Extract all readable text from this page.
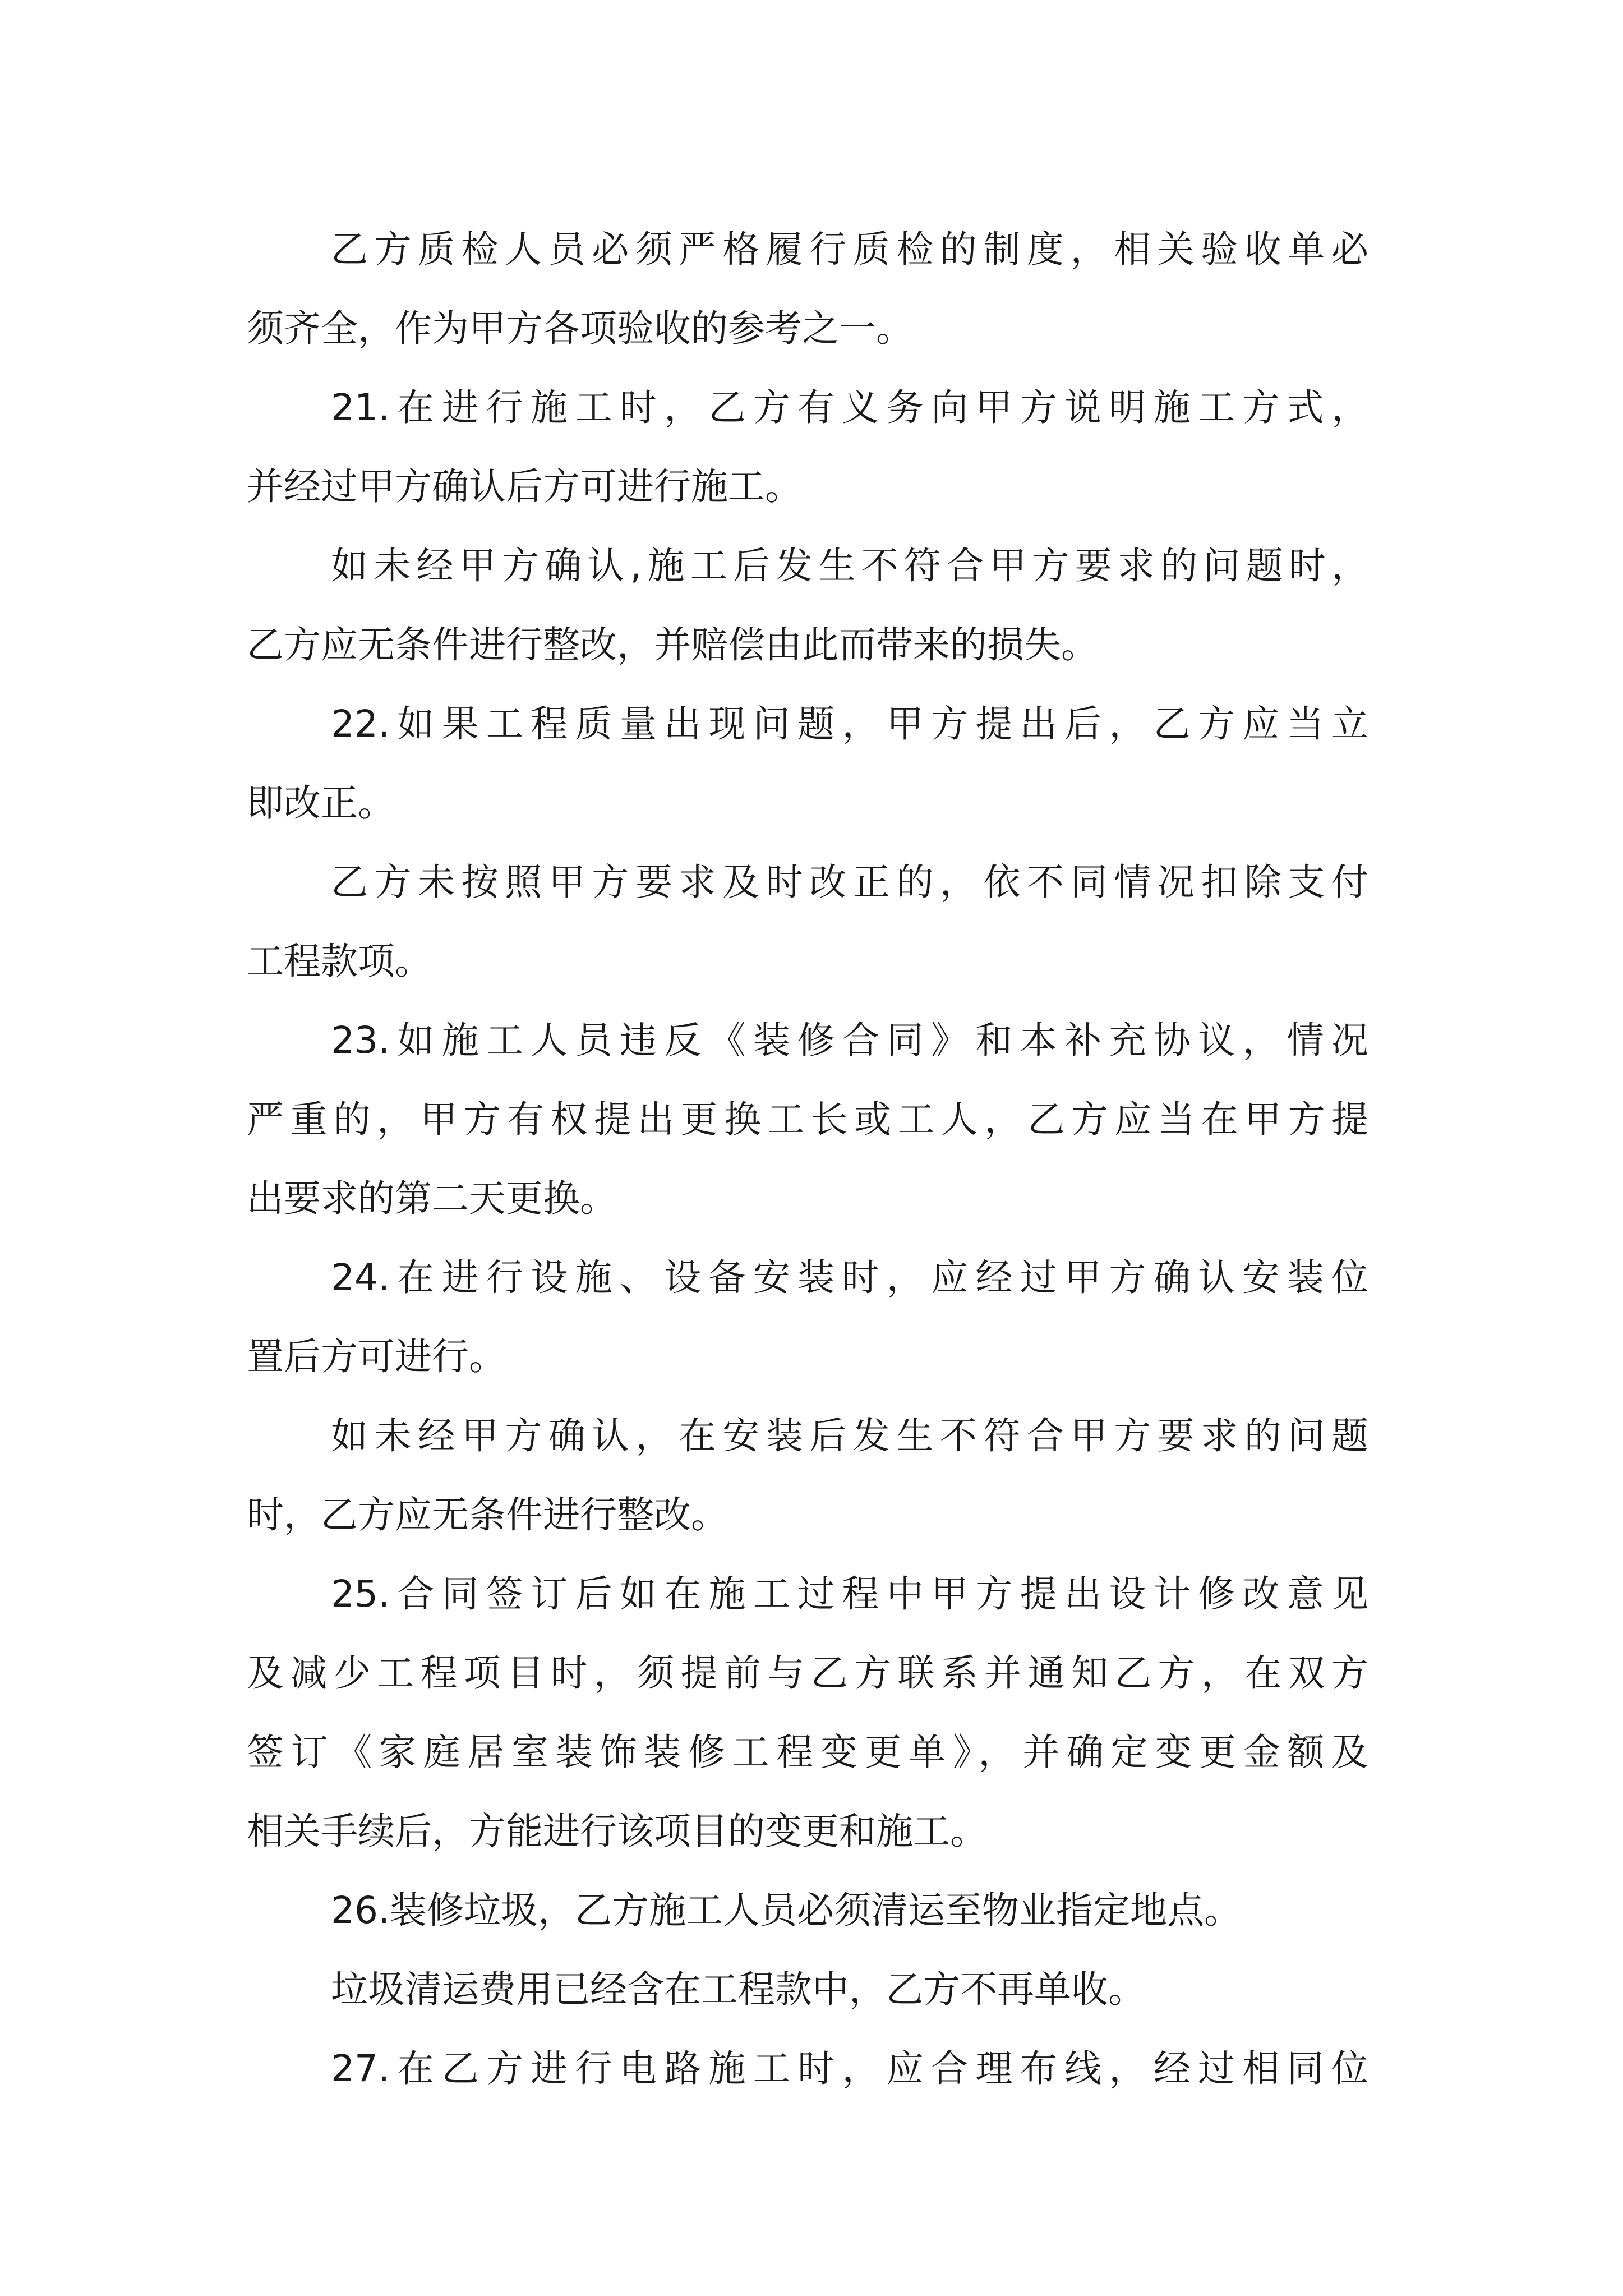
乙方质检人员必须严格履行质检的制度，相关验收单必
须齐全，作为甲方各项验收的参考之一。
21.在进行施工时，乙方有义务向甲方说明施工方式，
并经过甲方确认后方可进行施工。
如未经甲方确认,施工后发生不符合甲方要求的问题时，
乙方应无条件进行整改，并赔偿由此而带来的损失。
22.如果工程质量出现问题，甲方提出后，乙方应当立
即改正。
乙方未按照甲方要求及时改正的，依不同情况扣除支付
工程款项。
23.如施工人员违反《装修合同》和本补充协议，情况
严重的，甲方有权提出更换工长或工人，乙方应当在甲方提
出要求的第二天更换。
24.在进行设施、设备安装时，应经过甲方确认安装位
置后方可进行。
如未经甲方确认，在安装后发生不符合甲方要求的问题
时，乙方应无条件进行整改。
25.合同签订后如在施工过程中甲方提出设计修改意见
及减少工程项目时，须提前与乙方联系并通知乙方，在双方
签订《家庭居室装饰装修工程变更单》，并确定变更金额及
相关手续后，方能进行该项目的变更和施工。
26.装修垃圾，乙方施工人员必须清运至物业指定地点。
垃圾清运费用已经含在工程款中，乙方不再单收。
27.在乙方进行电路施工时，应合理布线，经过相同位
